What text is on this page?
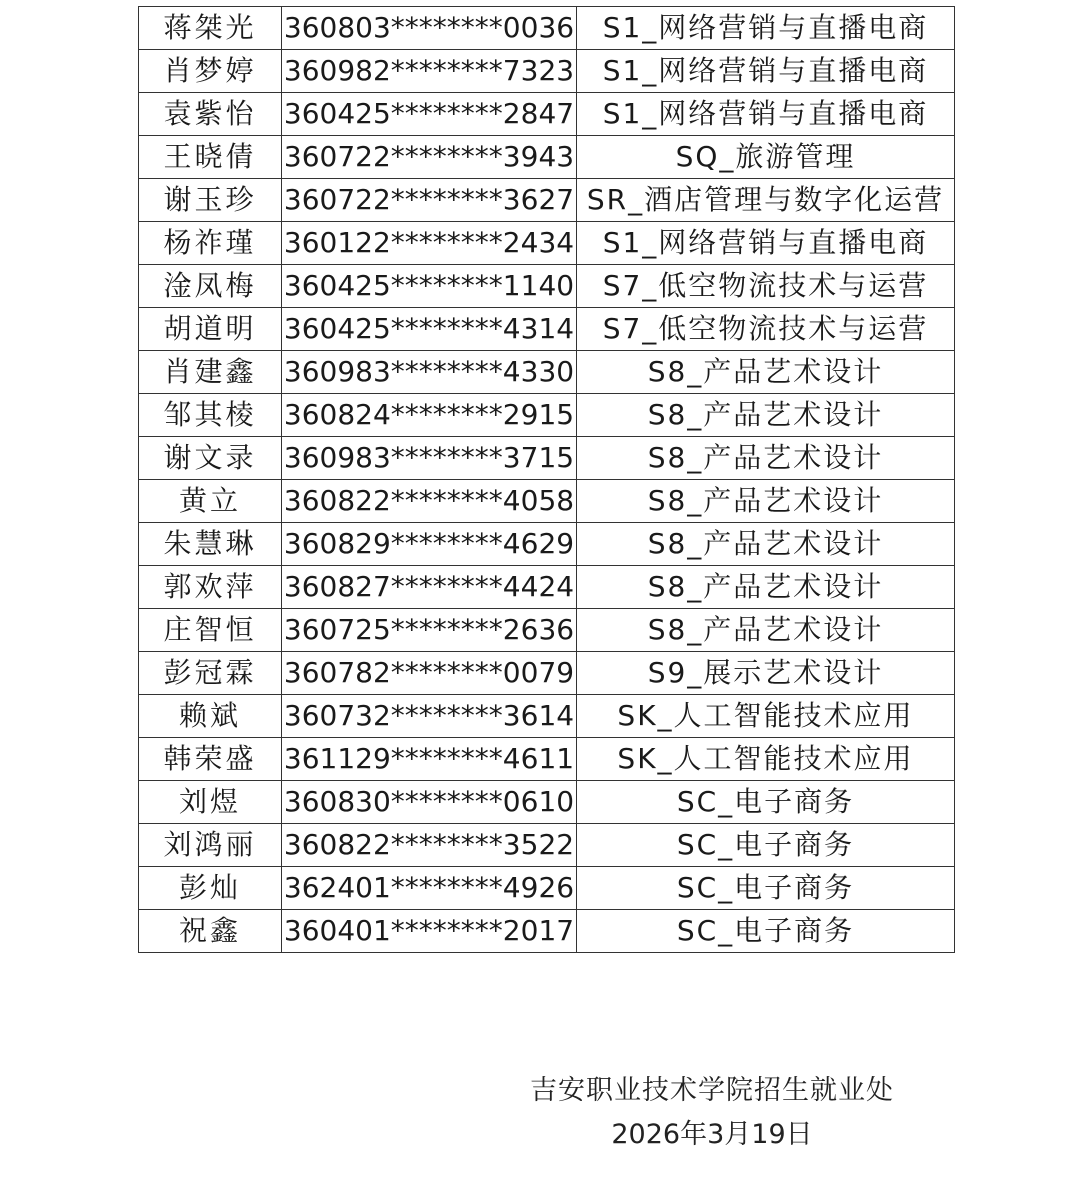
蒋桀光	360803********0036	S1_网络营销与直播电商
肖梦婷	360982********7323	S1_网络营销与直播电商
袁紫怡	360425********2847	S1_网络营销与直播电商
王晓倩	360722********3943	SQ_旅游管理
谢玉珍	360722********3627	SR_酒店管理与数字化运营
杨祚瑾	360122********2434	S1_网络营销与直播电商
淦凤梅	360425********1140	S7_低空物流技术与运营
胡道明	360425********4314	S7_低空物流技术与运营
肖建鑫	360983********4330	S8_产品艺术设计
邹其棱	360824********2915	S8_产品艺术设计
谢文录	360983********3715	S8_产品艺术设计
黄立	360822********4058	S8_产品艺术设计
朱慧琳	360829********4629	S8_产品艺术设计
郭欢萍	360827********4424	S8_产品艺术设计
庄智恒	360725********2636	S8_产品艺术设计
彭冠霖	360782********0079	S9_展示艺术设计
赖斌	360732********3614	SK_人工智能技术应用
韩荣盛	361129********4611	SK_人工智能技术应用
刘煜	360830********0610	SC_电子商务
刘鸿丽	360822********3522	SC_电子商务
彭灿	362401********4926	SC_电子商务
祝鑫	360401********2017	SC_电子商务
吉安职业技术学院招生就业处
2026年3月19日
